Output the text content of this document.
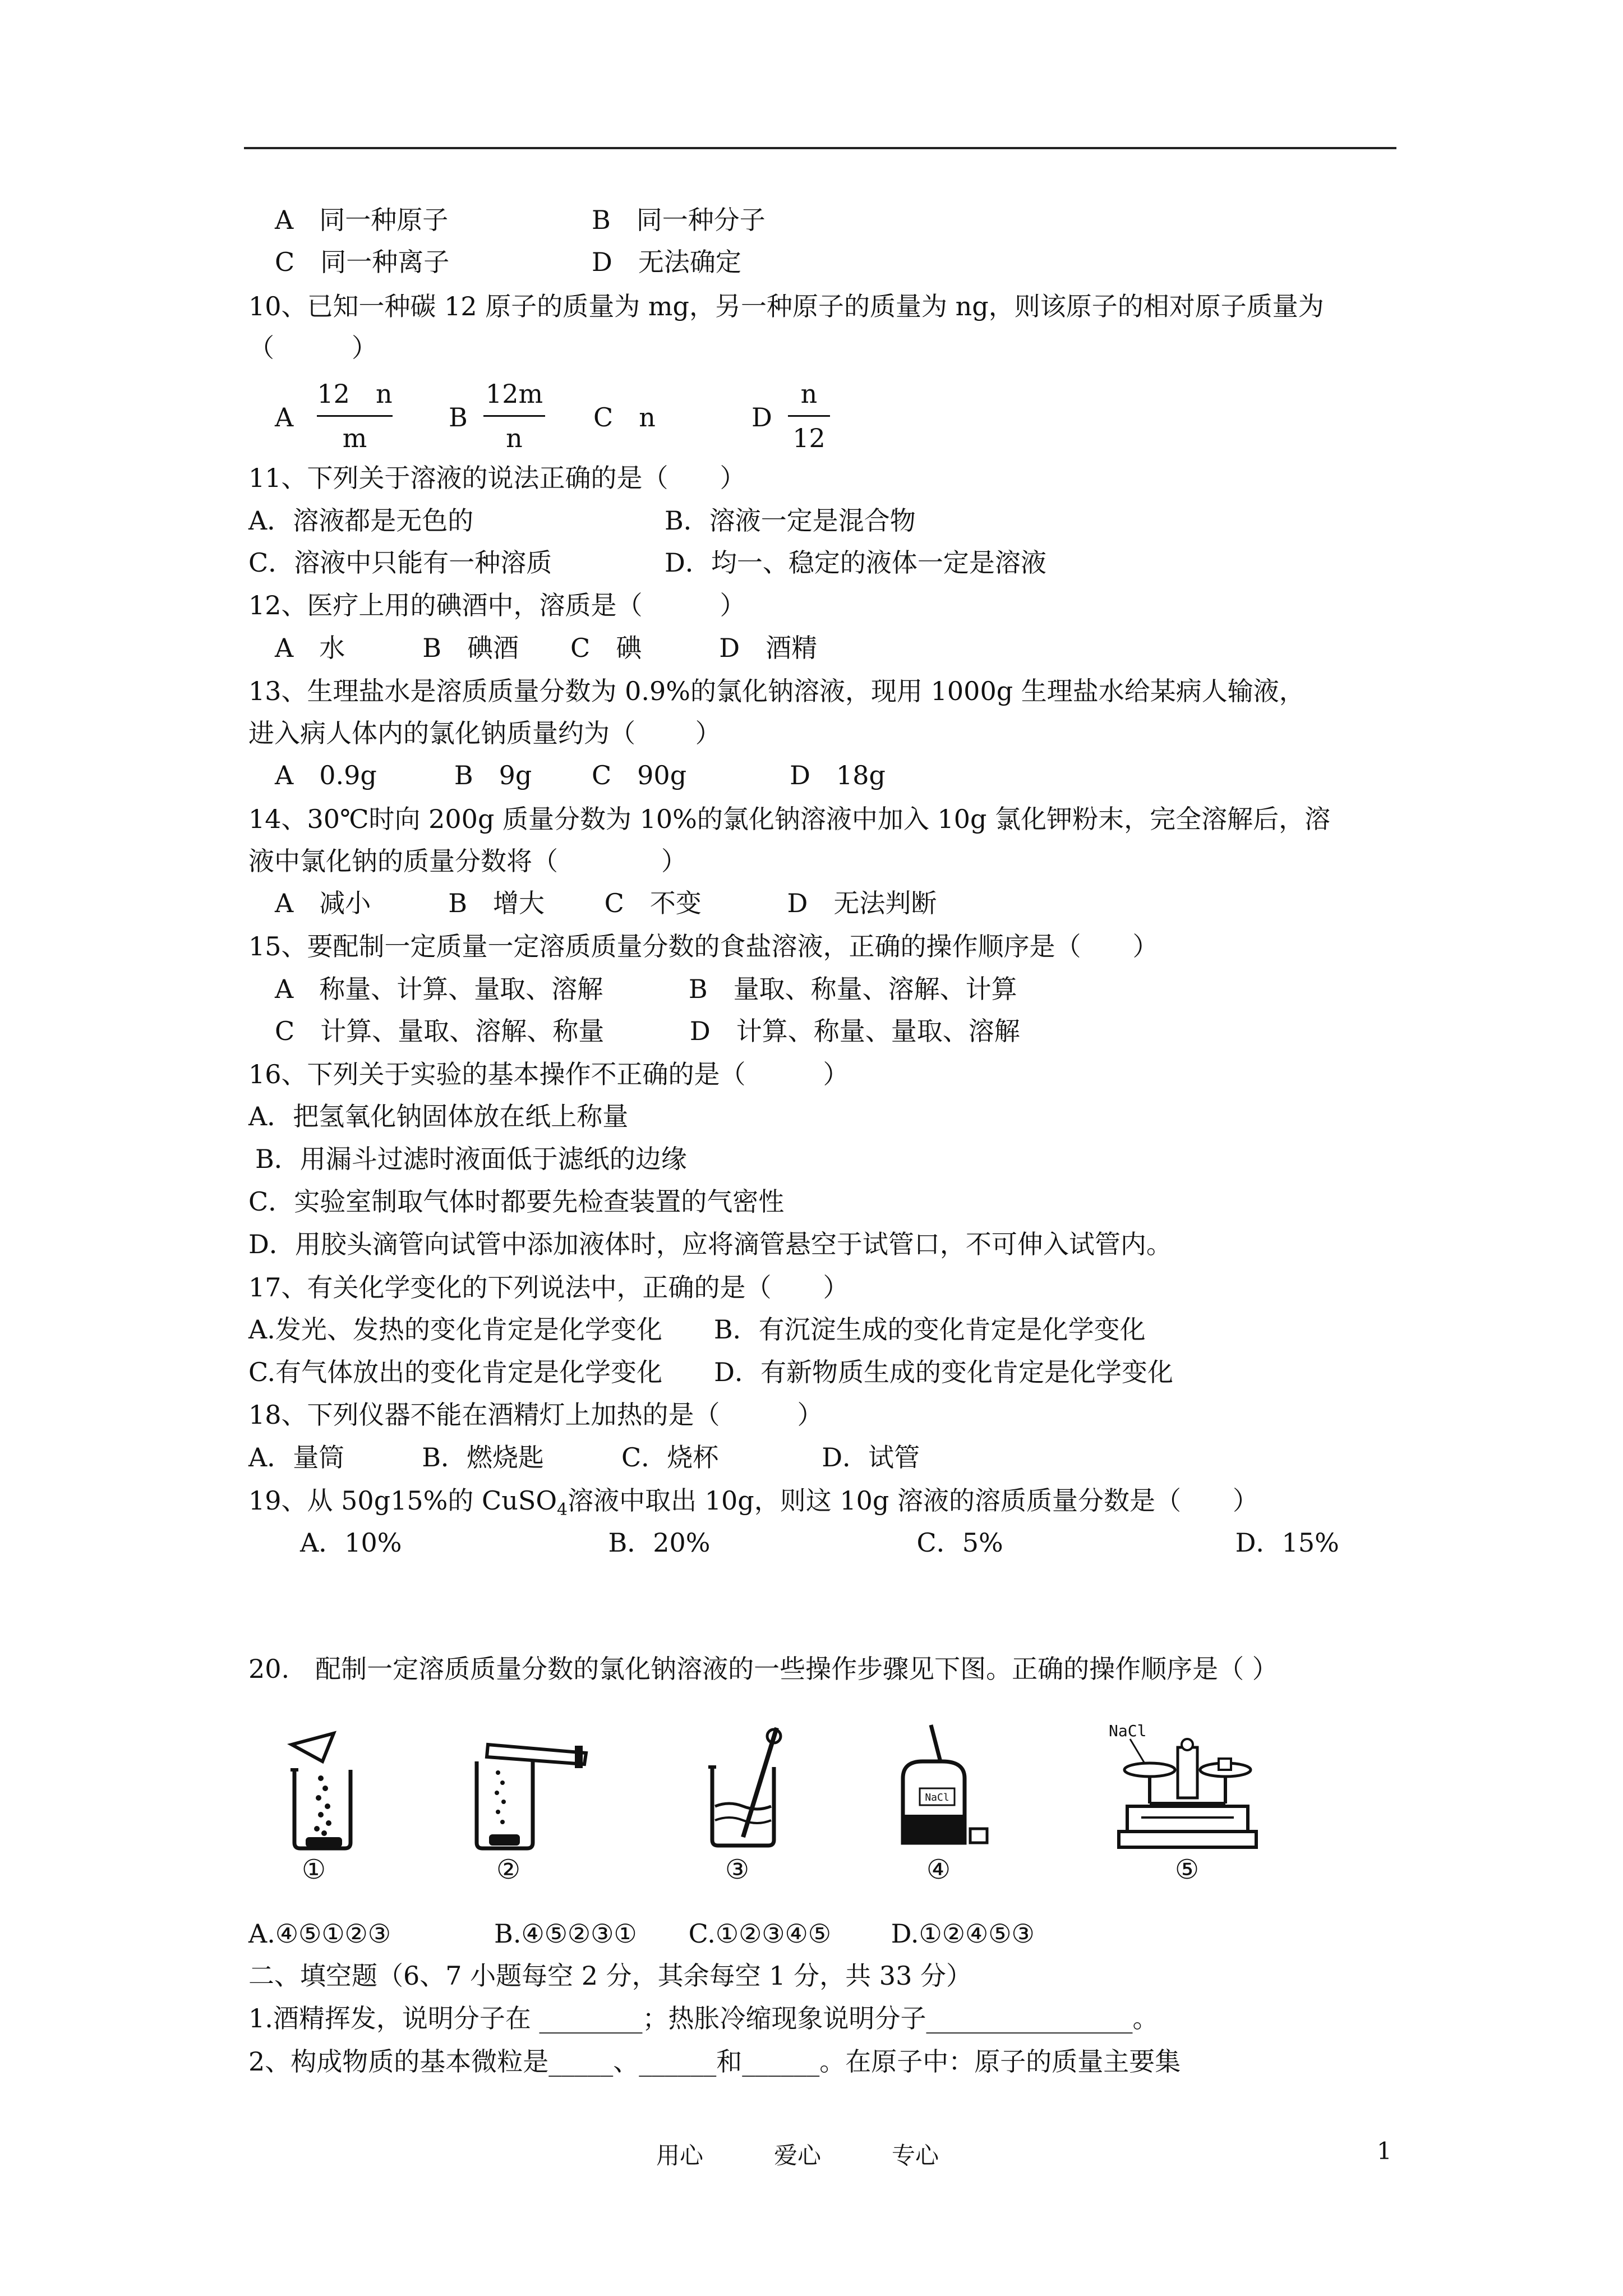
A　同一种原子	B　同一种分子
C　同一种离子	D　无法确定
10、已知一种碳 12 原子的质量为 mg，另一种原子的质量为 ng，则该原子的相对原子质量为
（　　　）
A
12　n
m
B
12m
n
C　n	D
n
12
11、下列关于溶液的说法正确的是（　　）
A．溶液都是无色的	B．溶液一定是混合物
C．溶液中只能有一种溶质	D．均一、稳定的液体一定是溶液
12、医疗上用的碘酒中，溶质是（　　　）
A　水　　　B　碘酒　　C　碘　　　D　酒精
13、生理盐水是溶质质量分数为 0.9%的氯化钠溶液，现用 1000g 生理盐水给某病人输液，
进入病人体内的氯化钠质量约为（　　 ）
A　0.9g　　　B　9g　　 C　90g　　　　D　18g
14、30℃时向 200g 质量分数为 10%的氯化钠溶液中加入 10g 氯化钾粉末，完全溶解后，溶
液中氯化钠的质量分数将（　　　　）
A　减小　　　B　增大　　 C　不变　　　 D　无法判断
15、要配制一定质量一定溶质质量分数的食盐溶液，正确的操作顺序是（　　）
A　称量、计算、量取、溶解　　　 B　量取、称量、溶解、计算
C　计算、量取、溶解、称量　　　 D　计算、称量、量取、溶解
16、下列关于实验的基本操作不正确的是（　　　）
A．把氢氧化钠固体放在纸上称量
B．用漏斗过滤时液面低于滤纸的边缘
C．实验室制取气体时都要先检查装置的气密性
D．用胶头滴管向试管中添加液体时，应将滴管悬空于试管口，不可伸入试管内。
17、有关化学变化的下列说法中，正确的是（　　）
A.发光、发热的变化肯定是化学变化　　B．有沉淀生成的变化肯定是化学变化
C.有气体放出的变化肯定是化学变化　　D．有新物质生成的变化肯定是化学变化
18、下列仪器不能在酒精灯上加热的是（　　　）
A．量筒　　　B．燃烧匙　　　C．烧杯　　　　D．试管
19、从 50g15%的 CuSO$_4$溶液中取出 10g，则这 10g 溶液的溶质质量分数是（　　）
A．10%　　　　　　　　B．20%　　　　　　　　C．5%　　　　　　　　　D．15%
20.　配制一定溶质质量分数的氯化钠溶液的一些操作步骤见下图。正确的操作顺序是（ ）
①	②	③
NaCl
④
NaCl
⑤
A.④⑤①②③　　　　B.④⑤②③①　　C.①②③④⑤　　 D.①②④⑤③
二、填空题（6、7 小题每空 2 分，其余每空 1 分，共 33 分）
1.酒精挥发，说明分子在 ________；热胀冷缩现象说明分子________________。
2、构成物质的基本微粒是_____、______和______。在原子中：原子的质量主要集
用心　　　爱心　　　专心	1
